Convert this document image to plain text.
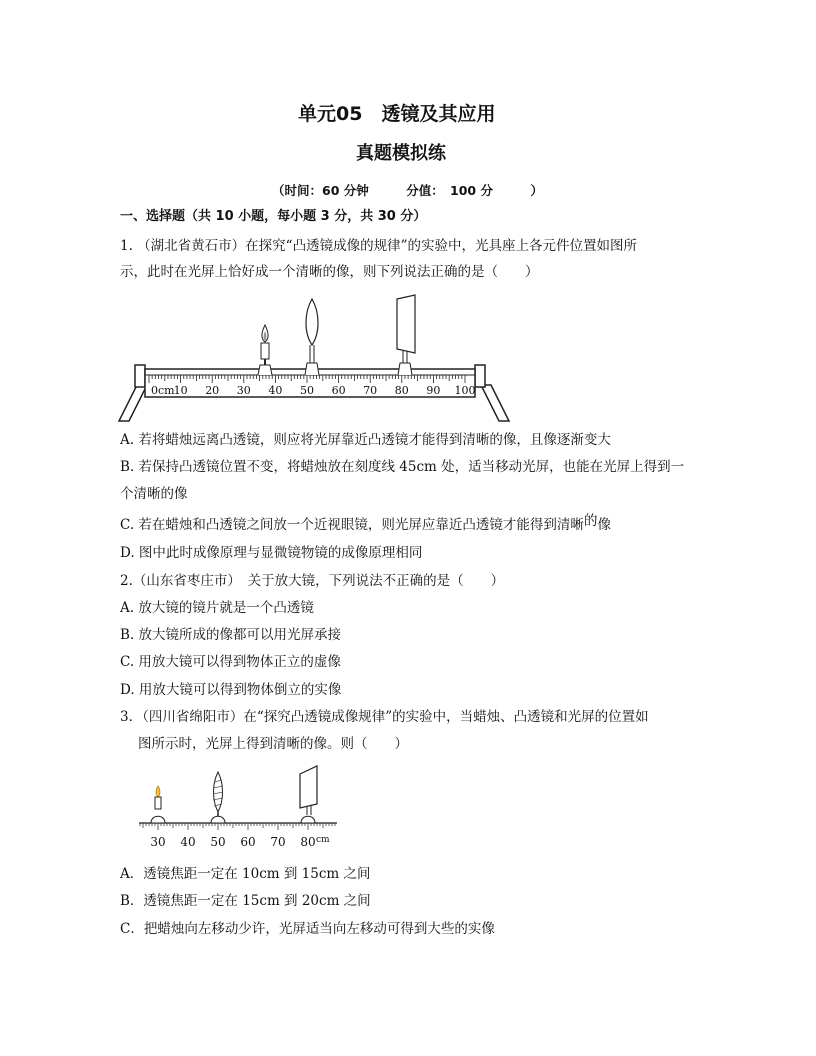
单元05　透镜及其应用
真题模拟练
（时间：60 分钟　　　分值：　100 分　　　）
一、选择题（共 10 小题，每小题 3 分，共 30 分）
1. （湖北省黄石市）在探究“凸透镜成像的规律”的实验中，光具座上各元件位置如图所
示，此时在光屏上恰好成一个清晰的像，则下列说法正确的是（　　）
0cm 10 20 30 40 50 60 70 80 90 100
A. 若将蜡烛远离凸透镜，则应将光屏靠近凸透镜才能得到清晰的像，且像逐渐变大
B. 若保持凸透镜位置不变，将蜡烛放在刻度线 45cm 处，适当移动光屏，也能在光屏上得到一
个清晰的像
C. 若在蜡烛和凸透镜之间放一个近视眼镜，则光屏应靠近凸透镜才能得到清晰的像
D. 图中此时成像原理与显微镜物镜的成像原理相同
2.（山东省枣庄市）　关于放大镜，下列说法不正确的是（　　）
A. 放大镜的镜片就是一个凸透镜
B. 放大镜所成的像都可以用光屏承接
C. 用放大镜可以得到物体正立的虚像
D. 用放大镜可以得到物体倒立的实像
3．（四川省绵阳市）在“探究凸透镜成像规律”的实验中，当蜡烛、凸透镜和光屏的位置如
图所示时，光屏上得到清晰的像。则（　　）
30 40 50 60 70 80 cm
A．透镜焦距一定在 10cm 到 15cm 之间
B．透镜焦距一定在 15cm 到 20cm 之间
C．把蜡烛向左移动少许，光屏适当向左移动可得到大些的实像
